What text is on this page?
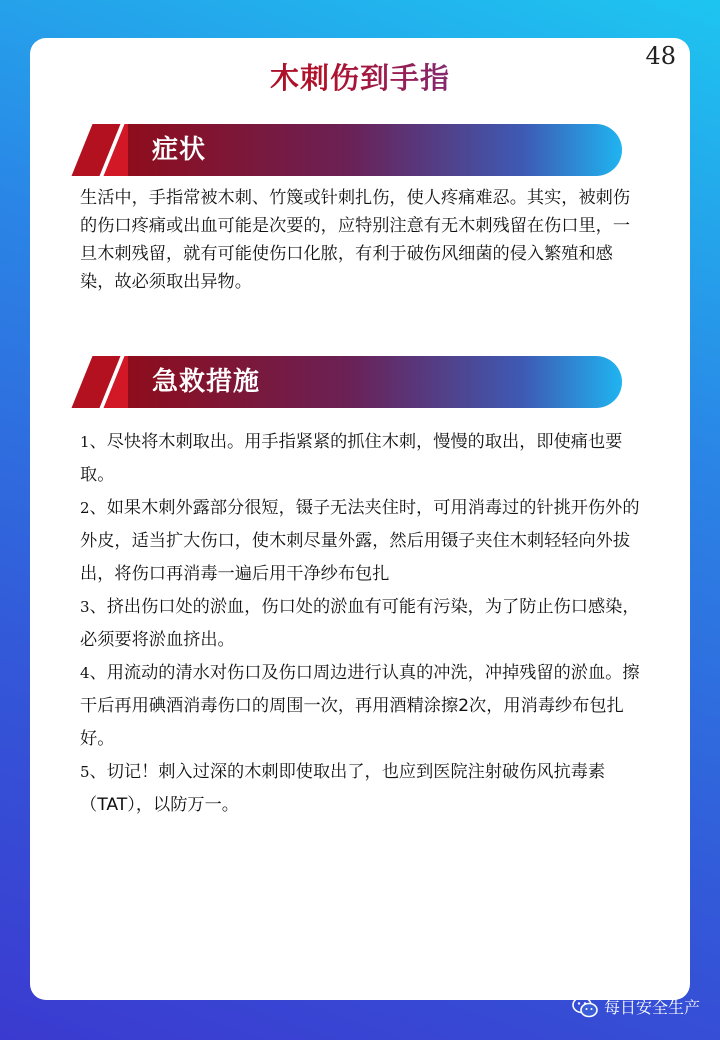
木刺伤到手指
症状
生活中，手指常被木刺、竹篾或针刺扎伤，使人疼痛难忍。其实，被刺伤的伤口疼痛或出血可能是次要的，应特别注意有无木刺残留在伤口里，一旦木刺残留，就有可能使伤口化脓，有利于破伤风细菌的侵入繁殖和感染，故必须取出异物。
急救措施
1、尽快将木刺取出。用手指紧紧的抓住木刺，慢慢的取出，即使痛也要取。
2、如果木刺外露部分很短，镊子无法夹住时，可用消毒过的针挑开伤外的外皮，适当扩大伤口，使木刺尽量外露，然后用镊子夹住木刺轻轻向外拔出，将伤口再消毒一遍后用干净纱布包扎
3、挤出伤口处的淤血，伤口处的淤血有可能有污染，为了防止伤口感染，必须要将淤血挤出。
4、用流动的清水对伤口及伤口周边进行认真的冲洗，冲掉残留的淤血。擦干后再用碘酒消毒伤口的周围一次，再用酒精涂擦2次，用消毒纱布包扎好。
5、切记！刺入过深的木刺即使取出了，也应到医院注射破伤风抗毒素（TAT），以防万一。
每日安全生产
